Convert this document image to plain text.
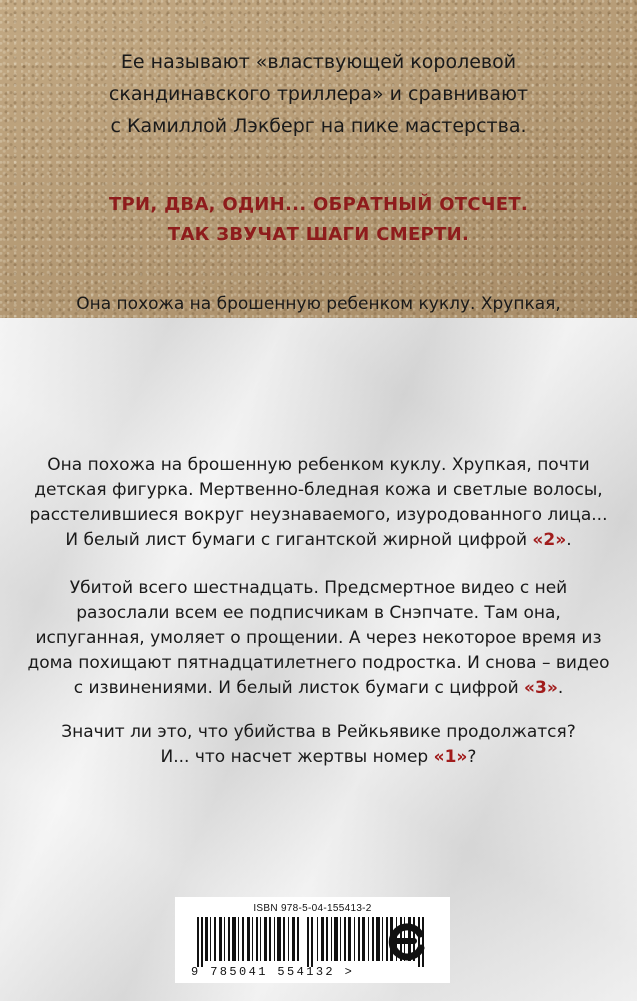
Ее называют «властвующей королевой
скандинавского триллера» и сравнивают
с Камиллой Лэкберг на пике мастерства.
ТРИ, ДВА, ОДИН... ОБРАТНЫЙ ОТСЧЕТ.
ТАК ЗВУЧАТ ШАГИ СМЕРТИ.
Она похожа на брошенную ребенком куклу. Хрупкая,
Она похожа на брошенную ребенком куклу. Хрупкая, почти
детская фигурка. Мертвенно-бледная кожа и светлые волосы,
расстелившиеся вокруг неузнаваемого, изуродованного лица...
И белый лист бумаги с гигантской жирной цифрой «2».
Убитой всего шестнадцать. Предсмертное видео с ней
разослали всем ее подписчикам в Снэпчате. Там она,
испуганная, умоляет о прощении. А через некоторое время из
дома похищают пятнадцатилетнего подростка. И снова – видео
с извинениями. И белый листок бумаги с цифрой «3».
Значит ли это, что убийства в Рейкьявике продолжатся?
И... что насчет жертвы номер «1»?
ISBN 978-5-04-155413-2
9 785041 554132 >
